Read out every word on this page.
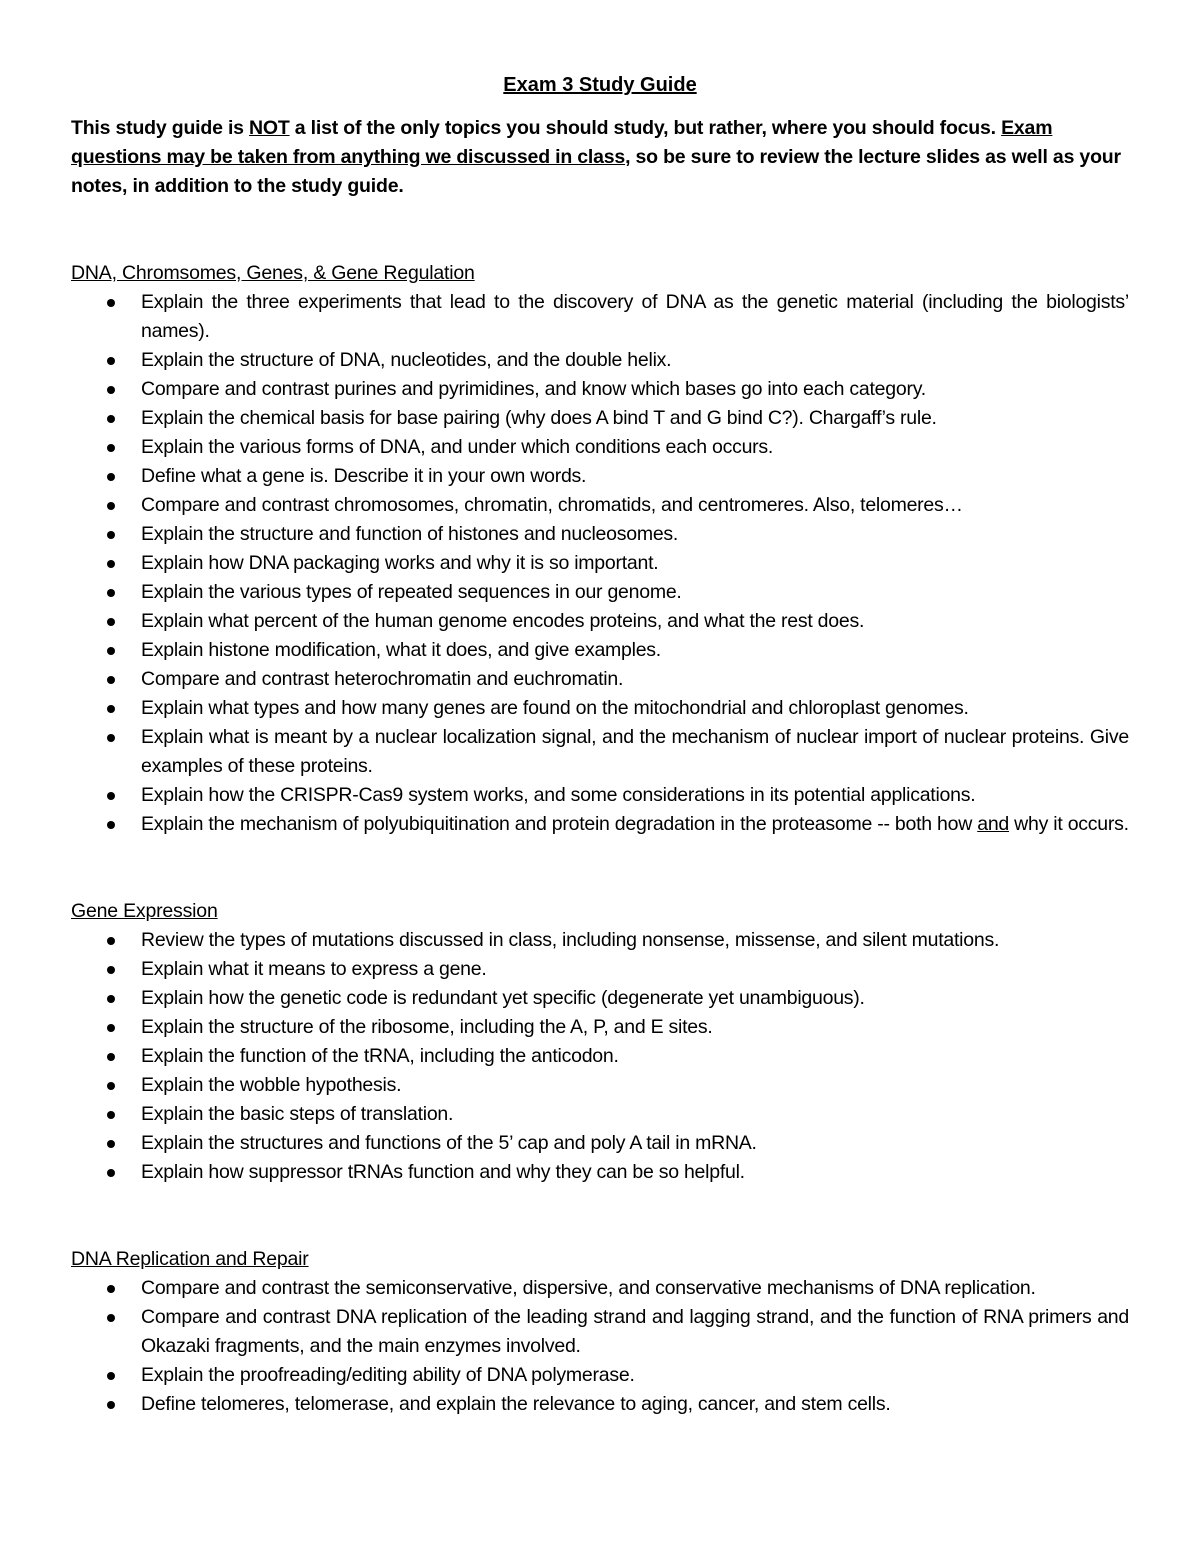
Exam 3 Study Guide

This study guide is NOT a list of the only topics you should study, but rather, where you should focus. Exam questions may be taken from anything we discussed in class, so be sure to review the lecture slides as well as your notes, in addition to the study guide.

DNA, Chromsomes, Genes, & Gene Regulation

Explain the three experiments that lead to the discovery of DNA as the genetic material (including the biologists’ names).
Explain the structure of DNA, nucleotides, and the double helix.
Compare and contrast purines and pyrimidines, and know which bases go into each category.
Explain the chemical basis for base pairing (why does A bind T and G bind C?). Chargaff’s rule.
Explain the various forms of DNA, and under which conditions each occurs.
Define what a gene is. Describe it in your own words.
Compare and contrast chromosomes, chromatin, chromatids, and centromeres. Also, telomeres…
Explain the structure and function of histones and nucleosomes.
Explain how DNA packaging works and why it is so important.
Explain the various types of repeated sequences in our genome.
Explain what percent of the human genome encodes proteins, and what the rest does.
Explain histone modification, what it does, and give examples.
Compare and contrast heterochromatin and euchromatin.
Explain what types and how many genes are found on the mitochondrial and chloroplast genomes.
Explain what is meant by a nuclear localization signal, and the mechanism of nuclear import of nuclear proteins. Give examples of these proteins.
Explain how the CRISPR-Cas9 system works, and some considerations in its potential applications.
Explain the mechanism of polyubiquitination and protein degradation in the proteasome -- both how and why it occurs.

Gene Expression

Review the types of mutations discussed in class, including nonsense, missense, and silent mutations.
Explain what it means to express a gene.
Explain how the genetic code is redundant yet specific (degenerate yet unambiguous).
Explain the structure of the ribosome, including the A, P, and E sites.
Explain the function of the tRNA, including the anticodon.
Explain the wobble hypothesis.
Explain the basic steps of translation.
Explain the structures and functions of the 5’ cap and poly A tail in mRNA.
Explain how suppressor tRNAs function and why they can be so helpful.

DNA Replication and Repair

Compare and contrast the semiconservative, dispersive, and conservative mechanisms of DNA replication.
Compare and contrast DNA replication of the leading strand and lagging strand, and the function of RNA primers and Okazaki fragments, and the main enzymes involved.
Explain the proofreading/editing ability of DNA polymerase.
Define telomeres, telomerase, and explain the relevance to aging, cancer, and stem cells.
